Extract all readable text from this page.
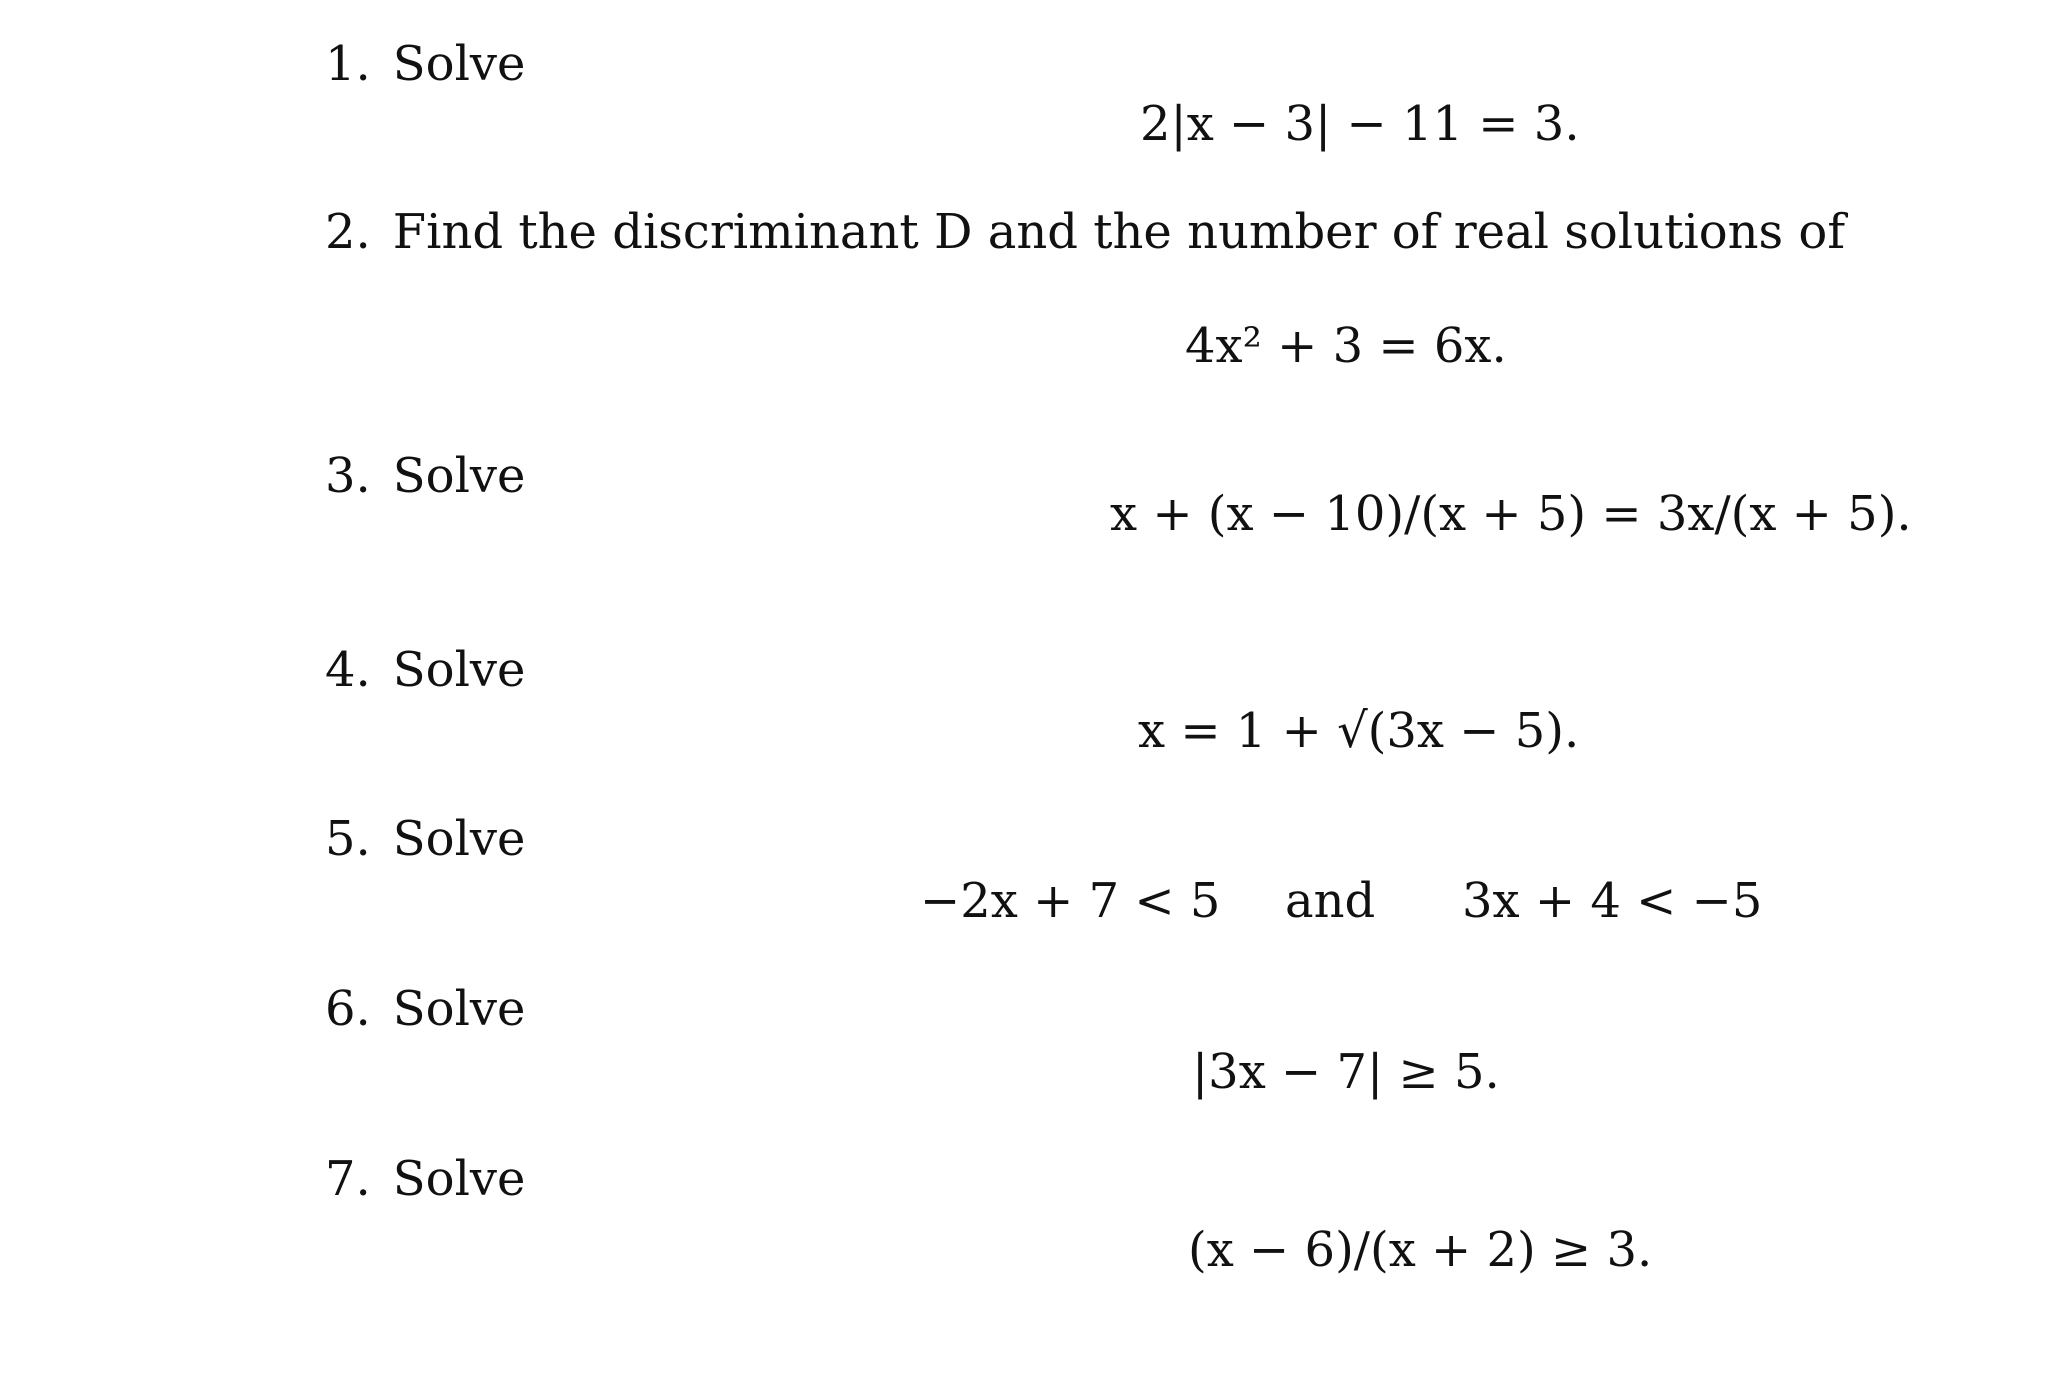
1. Solve
2|x − 3| − 11 = 3.
2. Find the discriminant D and the number of real solutions of
4x² + 3 = 6x.
3. Solve
x + (x − 10)/(x + 5) = 3x/(x + 5).
4. Solve
x = 1 + √(3x − 5).
5. Solve
−2x + 7 < 5 and 3x + 4 < −5
6. Solve
|3x − 7| ≥ 5.
7. Solve
(x − 6)/(x + 2) ≥ 3.
